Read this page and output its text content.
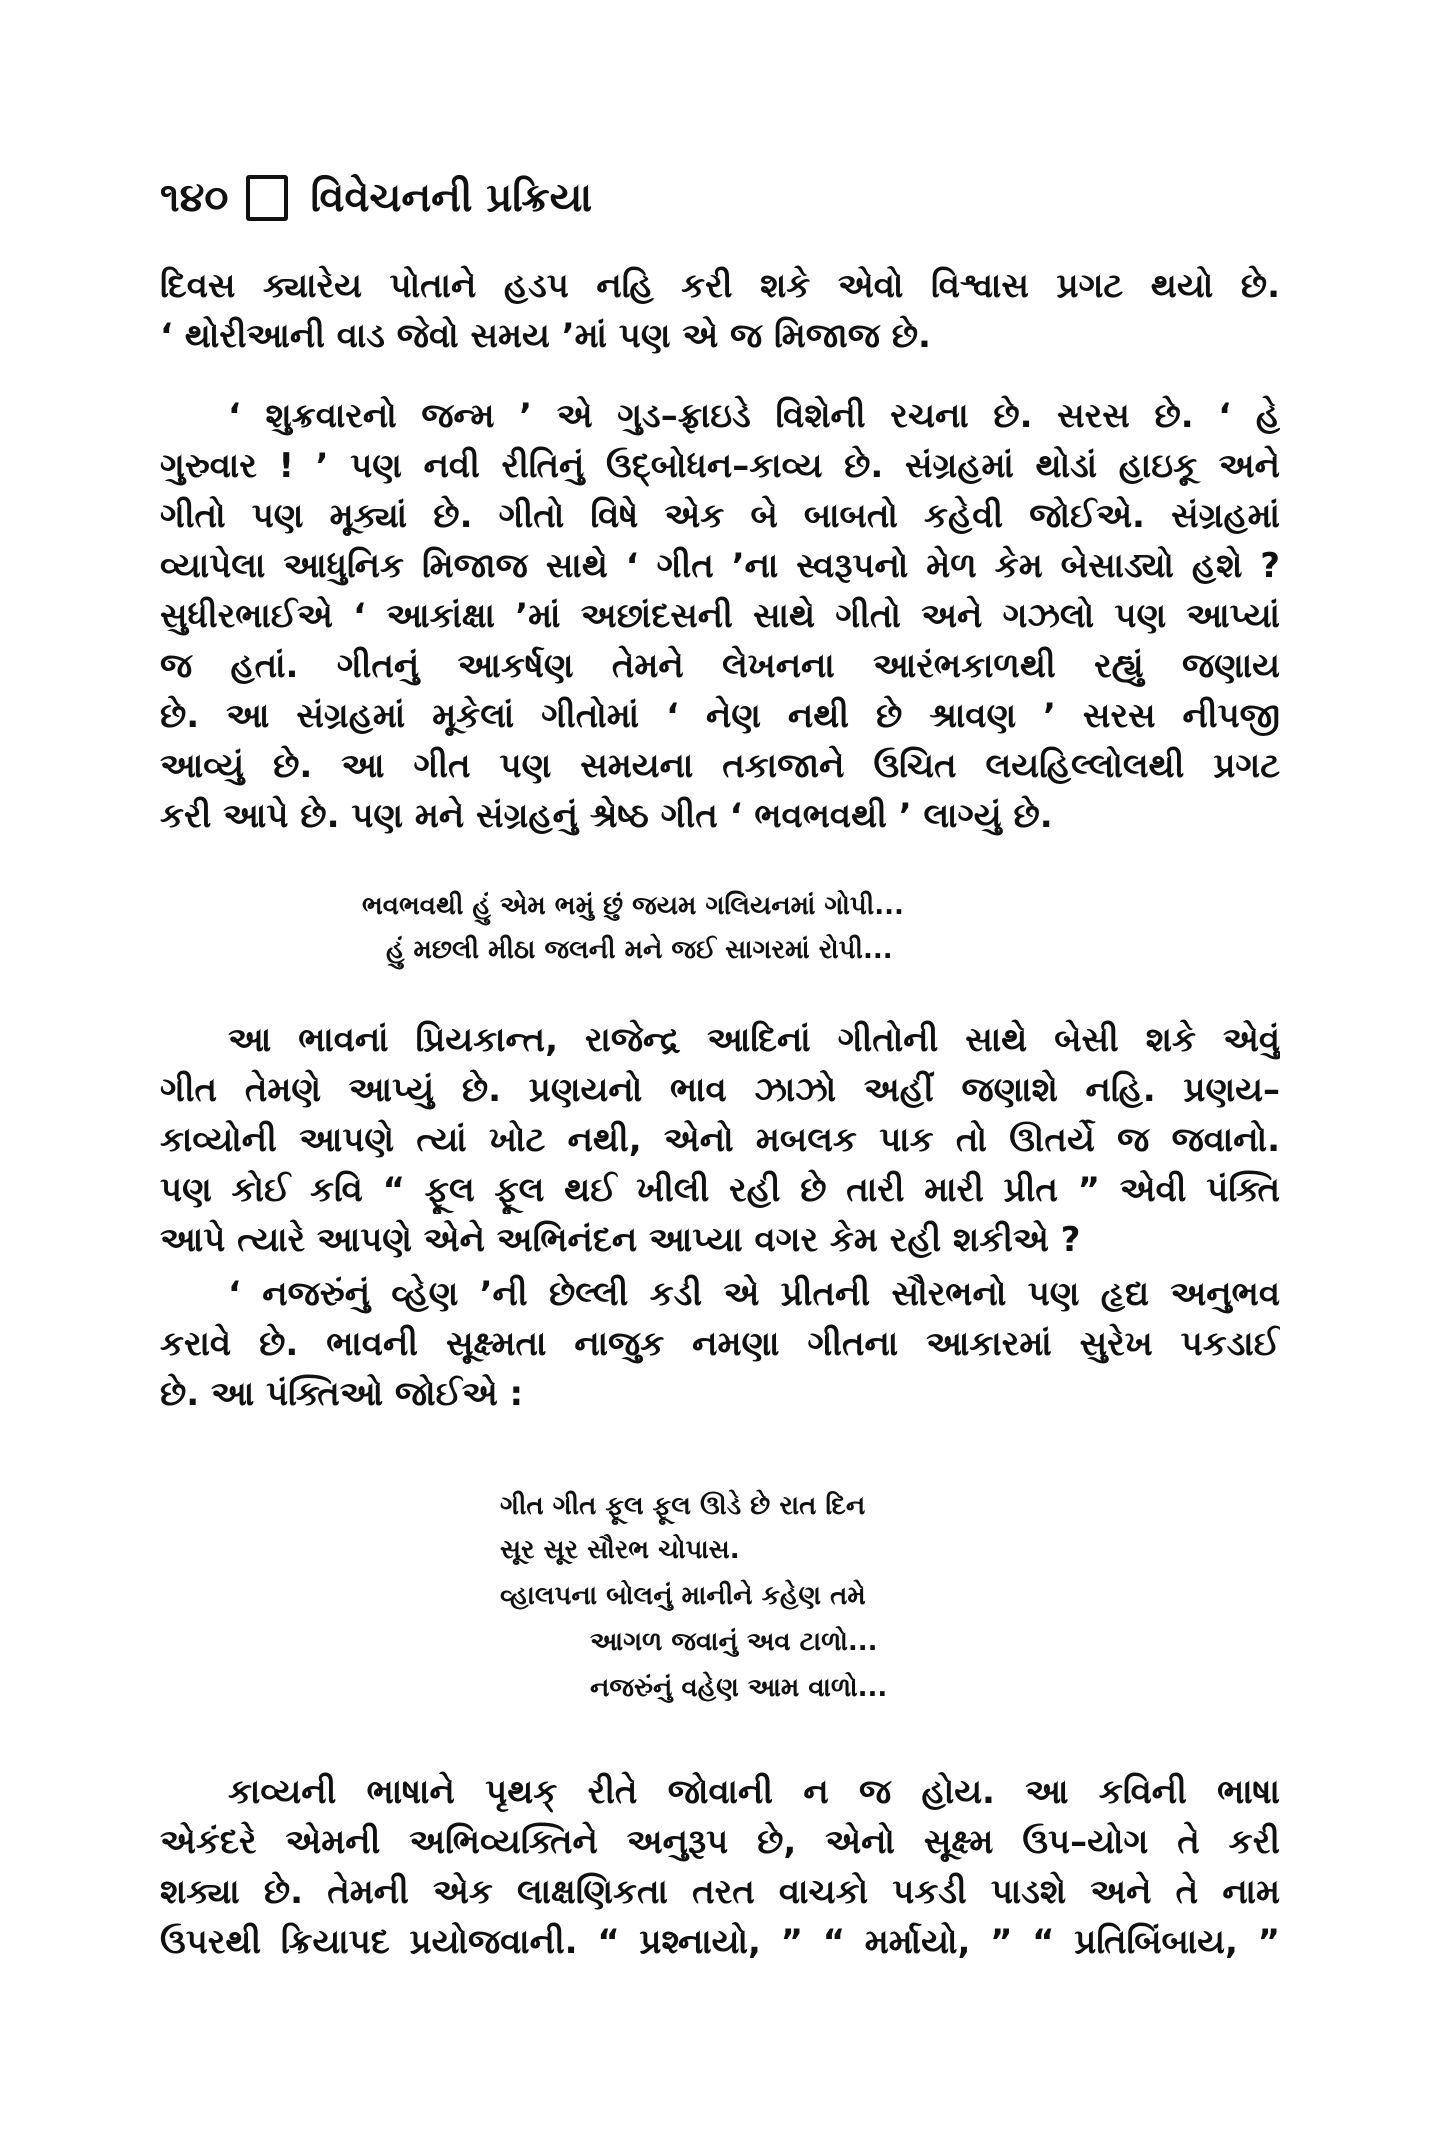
૧૪૦ વિવેચનની પ્રક્રિયા
દિવસ ક્યારેય પોતાને હડપ નહિ કરી શકે એવો વિશ્વાસ પ્રગટ થયો છે.
‘ થોરીઆની વાડ જેવો સમય ’માં પણ એ જ મિજાજ છે.
‘ શુક્રવારનો જન્મ ’ એ ગુડ–ફ્રાઇડે વિશેની રચના છે. સરસ છે. ‘ હે
ગુરુવાર ! ’ પણ નવી રીતિનું ઉદ્‌બોધન–કાવ્ય છે. સંગ્રહમાં થોડાં હાઇકૂ અને
ગીતો પણ મૂક્યાં છે. ગીતો વિષે એક બે બાબતો કહેવી જોઈએ. સંગ્રહમાં
વ્યાપેલા આધુનિક મિજાજ સાથે ‘ ગીત ’ના સ્વરૂપનો મેળ કેમ બેસાડ્યો હશે ?
સુધીરભાઈએ ‘ આકાંક્ષા ’માં અછાંદસની સાથે ગીતો અને ગઝલો પણ આપ્યાં
જ હતાં. ગીતનું આકર્ષણ તેમને લેખનના આરંભકાળથી રહ્યું જણાય
છે. આ સંગ્રહમાં મૂકેલાં ગીતોમાં ‘ નેણ નથી છે શ્રાવણ ’ સરસ નીપજી
આવ્યું છે. આ ગીત પણ સમયના તકાજાને ઉચિત લયહિલ્લોલથી પ્રગટ
કરી આપે છે. પણ મને સંગ્રહનું શ્રેષ્ઠ ગીત ‘ ભવભવથી ’ લાગ્યું છે.
ભવભવથી હું એમ ભમું છું જયમ ગલિયનમાં ગોપી...
હું મછલી મીઠા જલની મને જઈ સાગરમાં રોપી...
આ ભાવનાં પ્રિયકાન્ત, રાજેન્દ્ર આદિનાં ગીતોની સાથે બેસી શકે એવું
ગીત તેમણે આપ્યું છે. પ્રણયનો ભાવ ઝાઝો અહીં જણાશે નહિ. પ્રણય–
કાવ્યોની આપણે ત્યાં ખોટ નથી, એનો મબલક પાક તો ઊતર્યે જ જવાનો.
પણ કોઈ કવિ “ ફૂલ ફૂલ થઈ ખીલી રહી છે તારી મારી પ્રીત ” એવી પંક્તિ
આપે ત્યારે આપણે એને અભિનંદન આપ્યા વગર કેમ રહી શકીએ ?
‘ નજરુંનું વ્હેણ ’ની છેલ્લી કડી એ પ્રીતની સૌરભનો પણ હૃદ્ય અનુભવ
કરાવે છે. ભાવની સૂક્ષ્મતા નાજુક નમણા ગીતના આકારમાં સુરેખ પકડાઈ
છે. આ પંક્તિઓ જોઈએ :
ગીત ગીત ફૂલ ફૂલ ઊડે છે રાત દિન
સૂર સૂર સૌરભ ચોપાસ.
વ્હાલપના બોલનું માનીને કહેણ તમે
આગળ જવાનું અવ ટાળો...
નજરુંનું વહેણ આમ વાળો...
કાવ્યની ભાષાને પૃથક્ રીતે જોવાની ન જ હોય. આ કવિની ભાષા
એકંદરે એમની અભિવ્યક્તિને અનુરૂપ છે, એનો સૂક્ષ્મ ઉપ–યોગ તે કરી
શક્યા છે. તેમની એક લાક્ષણિકતા તરત વાચકો પકડી પાડશે અને તે નામ
ઉપરથી ક્રિયાપદ પ્રયોજવાની. “ પ્રશ્નાયો, ” “ મર્માયો, ” “ પ્રતિબિંબાય, ”
